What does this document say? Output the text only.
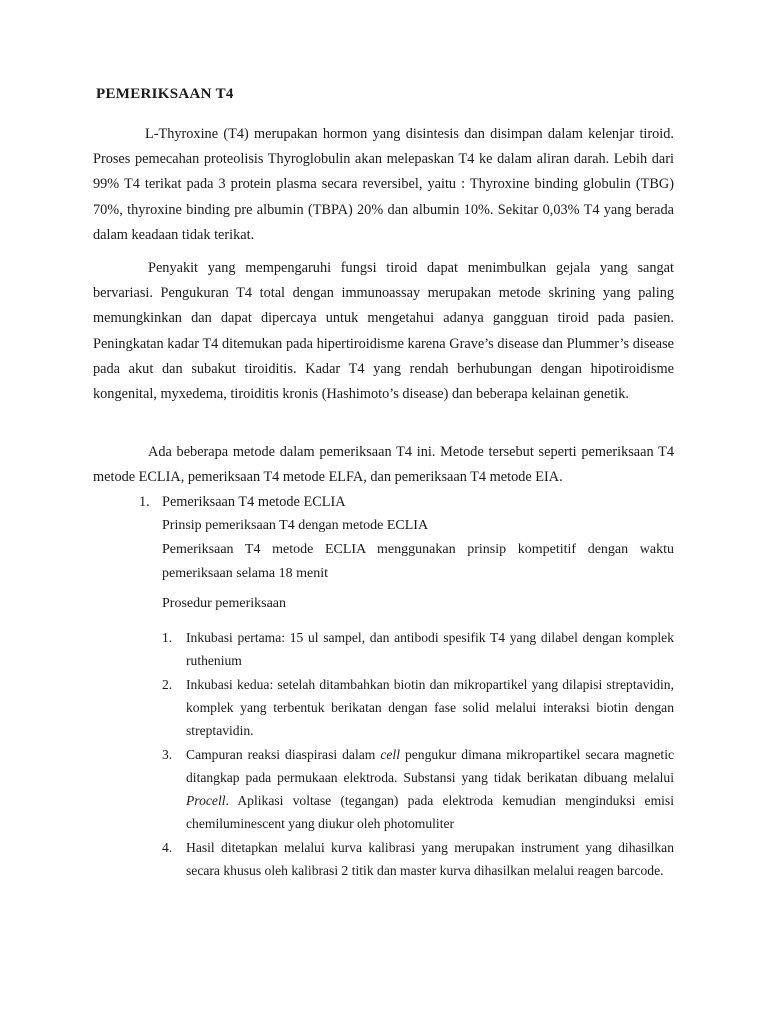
PEMERIKSAAN T4

L-Thyroxine (T4) merupakan hormon yang disintesis dan disimpan dalam kelenjar tiroid. Proses pemecahan proteolisis Thyroglobulin akan melepaskan T4 ke dalam aliran darah. Lebih dari 99% T4 terikat pada 3 protein plasma secara reversibel, yaitu : Thyroxine binding globulin (TBG) 70%, thyroxine binding pre albumin (TBPA) 20% dan albumin 10%. Sekitar 0,03% T4 yang berada dalam keadaan tidak terikat.

Penyakit yang mempengaruhi fungsi tiroid dapat menimbulkan gejala yang sangat bervariasi. Pengukuran T4 total dengan immunoassay merupakan metode skrining yang paling memungkinkan dan dapat dipercaya untuk mengetahui adanya gangguan tiroid pada pasien. Peningkatan kadar T4 ditemukan pada hipertiroidisme karena Grave’s disease dan Plummer’s disease pada akut dan subakut tiroiditis. Kadar T4 yang rendah berhubungan dengan hipotiroidisme kongenital, myxedema, tiroiditis kronis (Hashimoto’s disease) dan beberapa kelainan genetik.

Ada beberapa metode dalam pemeriksaan T4 ini. Metode tersebut seperti pemeriksaan T4 metode ECLIA, pemeriksaan T4 metode ELFA, dan pemeriksaan T4 metode EIA.

1. Pemeriksaan T4 metode ECLIA

Prinsip pemeriksaan T4 dengan metode ECLIA

Pemeriksaan T4 metode ECLIA menggunakan prinsip kompetitif dengan waktu pemeriksaan selama 18 menit

Prosedur pemeriksaan

1. Inkubasi pertama: 15 ul sampel, dan antibodi spesifik T4 yang dilabel dengan komplek ruthenium
2. Inkubasi kedua: setelah ditambahkan biotin dan mikropartikel yang dilapisi streptavidin, komplek yang terbentuk berikatan dengan fase solid melalui interaksi biotin dengan streptavidin.
3. Campuran reaksi diaspirasi dalam cell pengukur dimana mikropartikel secara magnetic ditangkap pada permukaan elektroda. Substansi yang tidak berikatan dibuang melalui Procell. Aplikasi voltase (tegangan) pada elektroda kemudian menginduksi emisi chemiluminescent yang diukur oleh photomuliter
4. Hasil ditetapkan melalui kurva kalibrasi yang merupakan instrument yang dihasilkan secara khusus oleh kalibrasi 2 titik dan master kurva dihasilkan melalui reagen barcode.
